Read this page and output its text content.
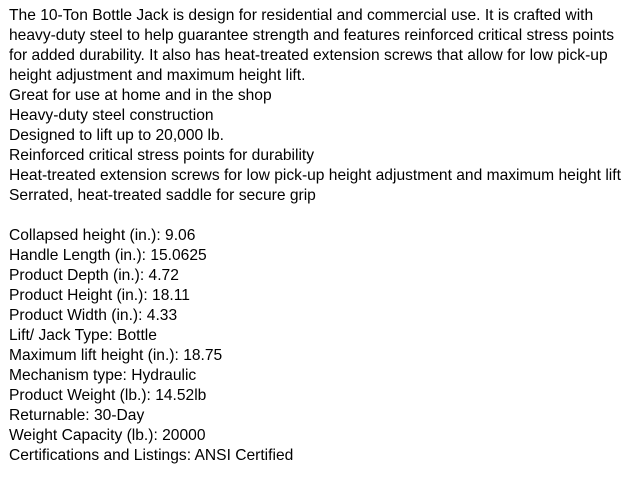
The 10-Ton Bottle Jack is design for residential and commercial use. It is crafted with heavy-duty steel to help guarantee strength and features reinforced critical stress points for added durability. It also has heat-treated extension screws that allow for low pick-up height adjustment and maximum height lift.

Great for use at home and in the shop
Heavy-duty steel construction
Designed to lift up to 20,000 lb.
Reinforced critical stress points for durability
Heat-treated extension screws for low pick-up height adjustment and maximum height lift
Serrated, heat-treated saddle for secure grip
Collapsed height (in.): 9.06
Handle Length (in.): 15.0625
Product Depth (in.): 4.72
Product Height (in.): 18.11
Product Width (in.): 4.33
Lift/ Jack Type: Bottle
Maximum lift height (in.): 18.75
Mechanism type: Hydraulic
Product Weight (lb.): 14.52lb
Returnable: 30-Day
Weight Capacity (lb.): 20000
Certifications and Listings: ANSI Certified
